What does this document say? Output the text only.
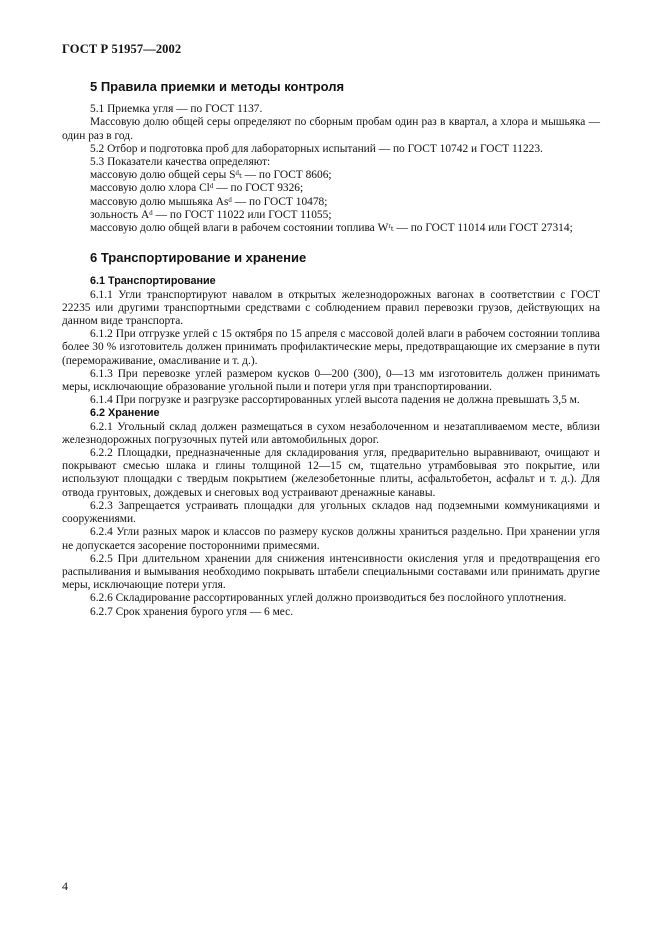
ГОСТ Р 51957—2002
5 Правила приемки и методы контроля

5.1 Приемка угля — по ГОСТ 1137.

Массовую долю общей серы определяют по сборным пробам один раз в квартал, а хлора и мышьяка — один раз в год.

5.2 Отбор и подготовка проб для лабораторных испытаний — по ГОСТ 10742 и ГОСТ 11223.

5.3 Показатели качества определяют:

массовую долю общей серы Sᵈₜ — по ГОСТ 8606;

массовую долю хлора Clᵈ — по ГОСТ 9326;

массовую долю мышьяка Asᵈ — по ГОСТ 10478;

зольность Aᵈ — по ГОСТ 11022 или ГОСТ 11055;

массовую долю общей влаги в рабочем состоянии топлива Wʳₜ — по ГОСТ 11014 или ГОСТ 27314;

6 Транспортирование и хранение
6.1 Транспортирование

6.1.1 Угли транспортируют навалом в открытых железнодорожных вагонах в соответствии с ГОСТ 22235 или другими транспортными средствами с соблюдением правил перевозки грузов, действующих на данном виде транспорта.

6.1.2 При отгрузке углей с 15 октября по 15 апреля с массовой долей влаги в рабочем состоянии топлива более 30 % изготовитель должен принимать профилактические меры, предотвращающие их смерзание в пути (перемораживание, омасливание и т. д.).

6.1.3 При перевозке углей размером кусков 0—200 (300), 0—13 мм изготовитель должен принимать меры, исключающие образование угольной пыли и потери угля при транспортировании.

6.1.4 При погрузке и разгрузке рассортированных углей высота падения не должна превышать 3,5 м.

6.2 Хранение

6.2.1 Угольный склад должен размещаться в сухом незаболоченном и незатапливаемом месте, вблизи железнодорожных погрузочных путей или автомобильных дорог.

6.2.2 Площадки, предназначенные для складирования угля, предварительно выравнивают, очищают и покрывают смесью шлака и глины толщиной 12—15 см, тщательно утрамбовывая это покрытие, или используют площадки с твердым покрытием (железобетонные плиты, асфальтобетон, асфальт и т. д.). Для отвода грунтовых, дождевых и снеговых вод устраивают дренажные канавы.

6.2.3 Запрещается устраивать площадки для угольных складов над подземными коммуникациями и сооружениями.

6.2.4 Угли разных марок и классов по размеру кусков должны храниться раздельно. При хранении угля не допускается засорение посторонними примесями.

6.2.5 При длительном хранении для снижения интенсивности окисления угля и предотвращения его распыливания и вымывания необходимо покрывать штабели специальными составами или принимать другие меры, исключающие потери угля.

6.2.6 Складирование рассортированных углей должно производиться без послойного уплотнения.

6.2.7 Срок хранения бурого угля — 6 мес.

4
